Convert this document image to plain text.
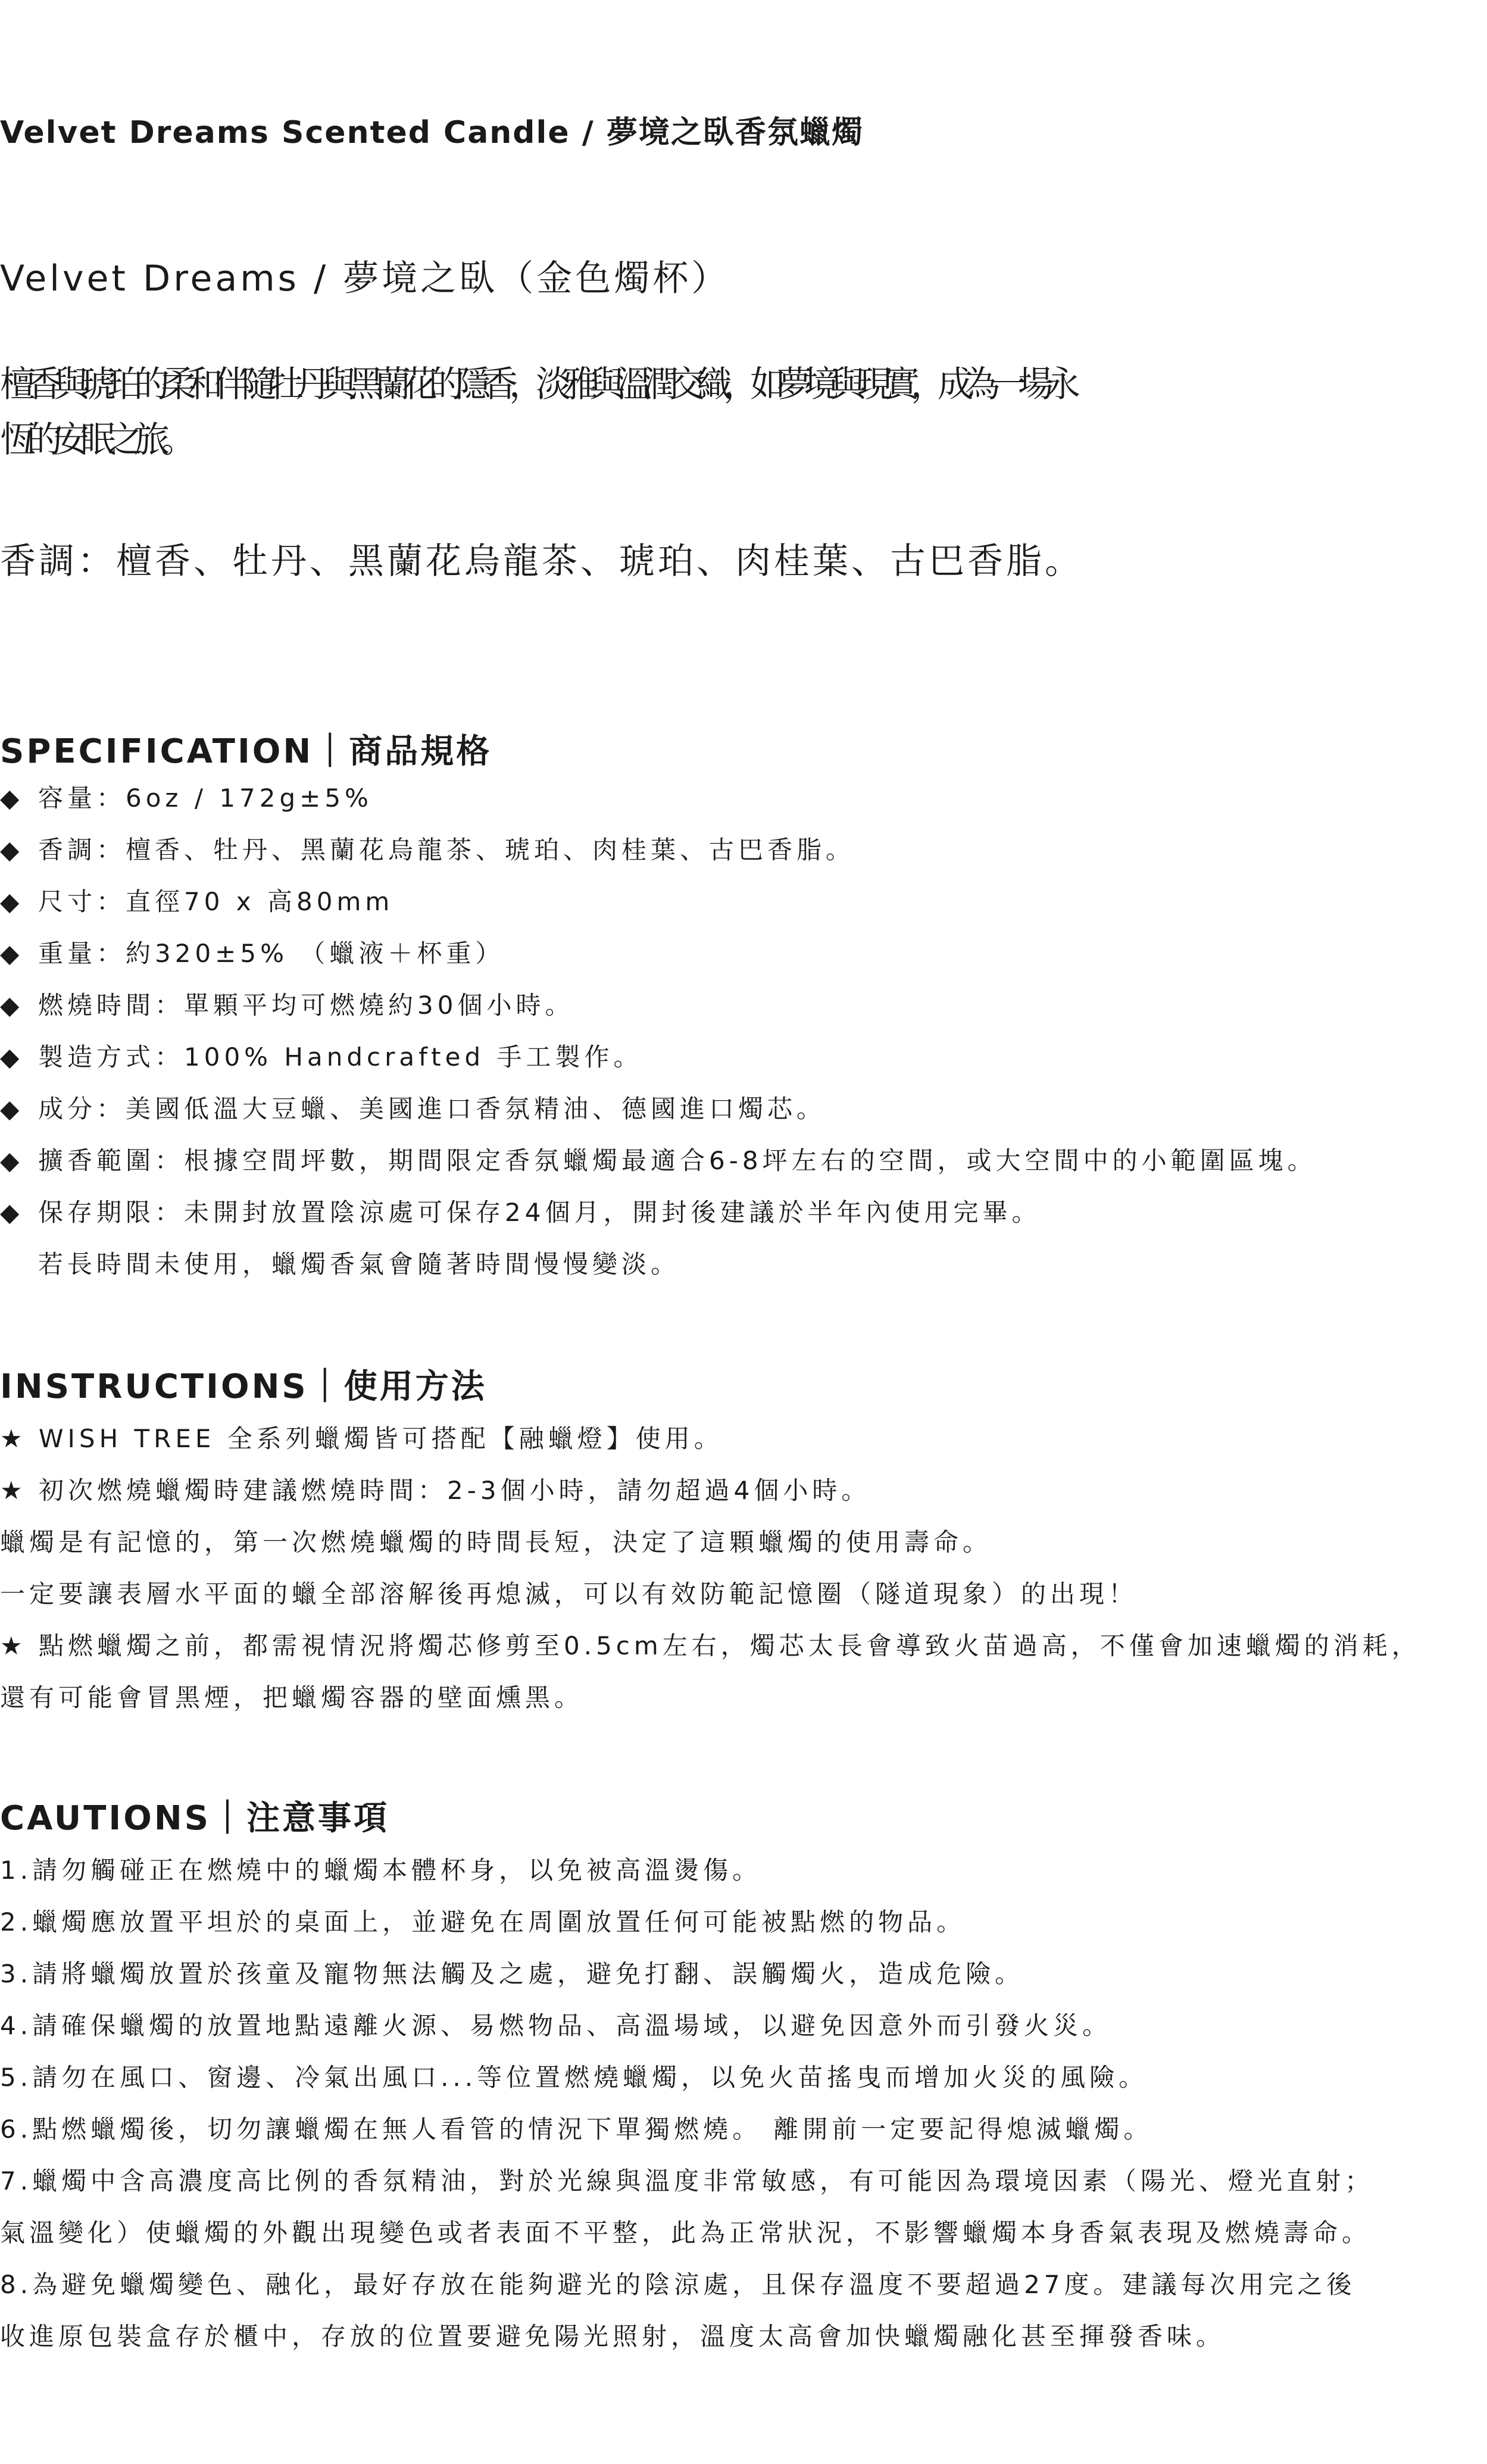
Velvet Dreams Scented Candle / 夢境之臥香氛蠟燭

Velvet Dreams / 夢境之臥（金色燭杯）

檀香與琥珀的柔和伴隨牡丹與黑蘭花的隱香，淡雅與溫潤交織，如夢境與現實，成為一場永
恆的安眠之旅。

香調：檀香、牡丹、黑蘭花烏龍茶、琥珀、肉桂葉、古巴香脂。

SPECIFICATION｜商品規格
◆ 容量：6oz / 172g±5%
◆ 香調：檀香、牡丹、黑蘭花烏龍茶、琥珀、肉桂葉、古巴香脂。
◆ 尺寸：直徑70 x 高80mm
◆ 重量：約320±5% （蠟液＋杯重）
◆ 燃燒時間：單顆平均可燃燒約30個小時。
◆ 製造方式：100% Handcrafted 手工製作。
◆ 成分：美國低溫大豆蠟、美國進口香氛精油、德國進口燭芯。
◆ 擴香範圍：根據空間坪數，期間限定香氛蠟燭最適合6-8坪左右的空間，或大空間中的小範圍區塊。
◆ 保存期限：未開封放置陰涼處可保存24個月，開封後建議於半年內使用完畢。
若長時間未使用，蠟燭香氣會隨著時間慢慢變淡。
INSTRUCTIONS｜使用方法
★ WISH TREE 全系列蠟燭皆可搭配【融蠟燈】使用。
★ 初次燃燒蠟燭時建議燃燒時間：2-3個小時，請勿超過4個小時。
蠟燭是有記憶的，第一次燃燒蠟燭的時間長短，決定了這顆蠟燭的使用壽命。
一定要讓表層水平面的蠟全部溶解後再熄滅，可以有效防範記憶圈（隧道現象）的出現！
★ 點燃蠟燭之前，都需視情況將燭芯修剪至0.5cm左右，燭芯太長會導致火苗過高，不僅會加速蠟燭的消耗，
還有可能會冒黑煙，把蠟燭容器的壁面燻黑。
CAUTIONS｜注意事項
1.請勿觸碰正在燃燒中的蠟燭本體杯身，以免被高溫燙傷。
2.蠟燭應放置平坦於的桌面上，並避免在周圍放置任何可能被點燃的物品。
3.請將蠟燭放置於孩童及寵物無法觸及之處，避免打翻、誤觸燭火，造成危險。
4.請確保蠟燭的放置地點遠離火源、易燃物品、高溫場域，以避免因意外而引發火災。
5.請勿在風口、窗邊、冷氣出風口...等位置燃燒蠟燭，以免火苗搖曳而增加火災的風險。
6.點燃蠟燭後，切勿讓蠟燭在無人看管的情況下單獨燃燒。 離開前一定要記得熄滅蠟燭。
7.蠟燭中含高濃度高比例的香氛精油，對於光線與溫度非常敏感，有可能因為環境因素（陽光、燈光直射；
氣溫變化）使蠟燭的外觀出現變色或者表面不平整，此為正常狀況，不影響蠟燭本身香氣表現及燃燒壽命。
8.為避免蠟燭變色、融化，最好存放在能夠避光的陰涼處，且保存溫度不要超過27度。建議每次用完之後
收進原包裝盒存於櫃中，存放的位置要避免陽光照射，溫度太高會加快蠟燭融化甚至揮發香味。
